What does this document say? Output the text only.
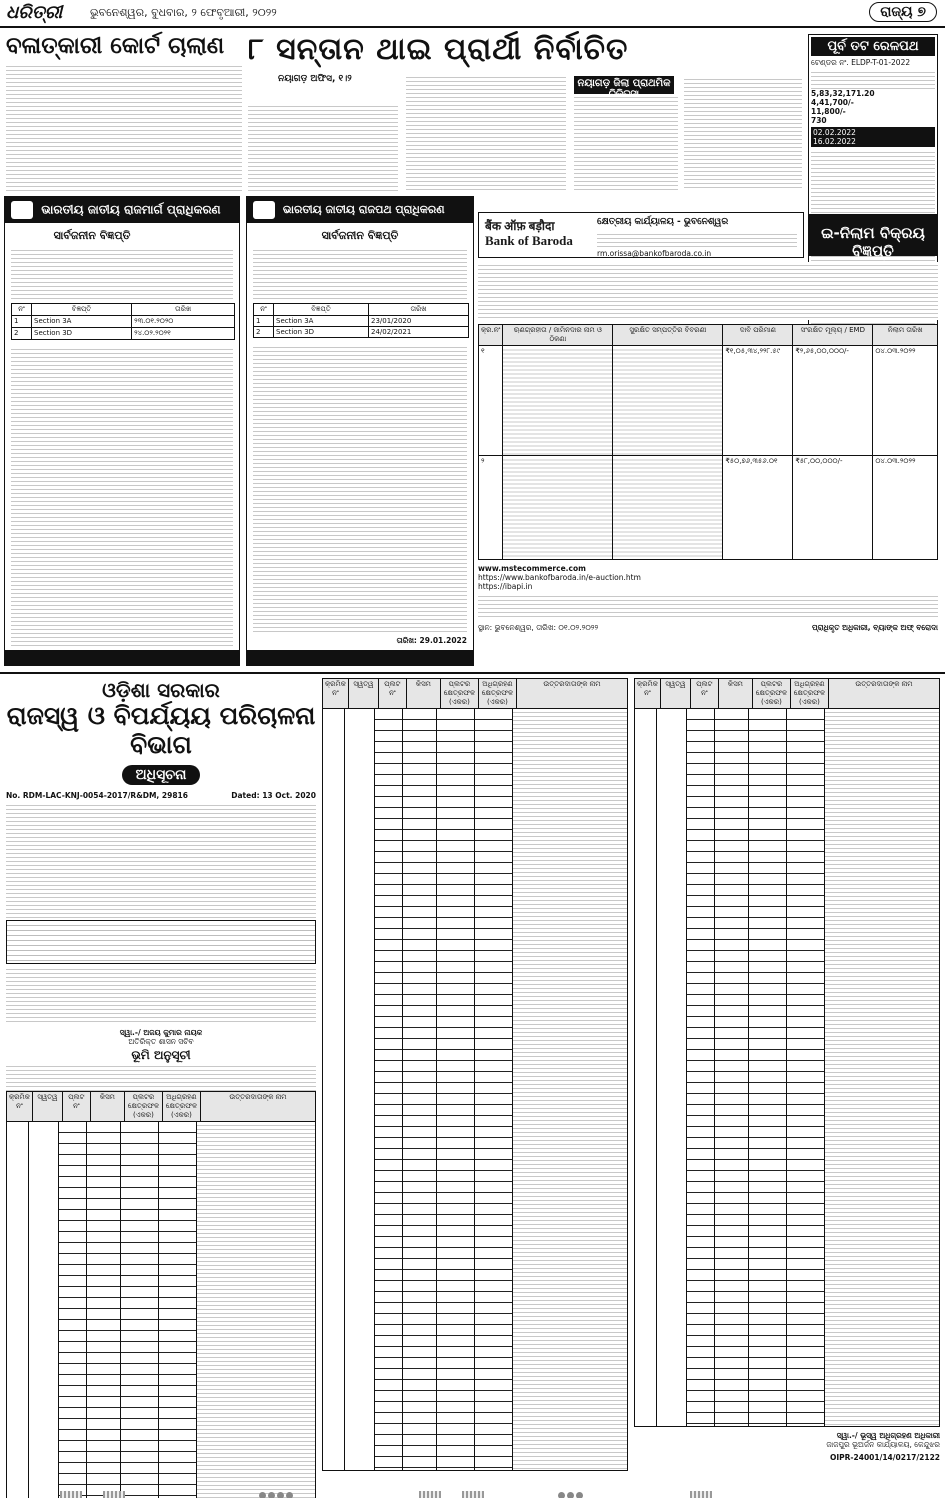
ଧରିତ୍ରୀ	ଭୁବନେଶ୍ୱର, ବୁଧବାର, ୨ ଫେବୃଆରୀ, ୨୦୨୨	ରାଜ୍ୟ ୭
ବଳାତ୍କାରୀ କୋର୍ଟ ଚାଲାଣ ୮ ସନ୍ତାନ ଥାଇ ପ୍ରାର୍ଥୀ ନିର୍ବାଚିତ
ନୟାଗଡ଼ ଅଫିସ, ୧।୨	ନୟାଗଡ଼ ଜିଲା ପ୍ରାଥମିକ
ପୂର୍ବ ତଟ ରେଳପଥ
ଟେଣ୍ଡର ନଂ. ELDP-T-01-2022
5,83,32,171.20
4,41,700/-
11,800/-
730
02.02.2022
16.02.2022
PR-761/M/21-22
ଭାରତୀୟ ଜାତୀୟ ରାଜମାର୍ଗ ପ୍ରାଧିକରଣ
BHARATMALA
ସାର୍ବଜନୀନ ବିଜ୍ଞପ୍ତି
ନଂ	ବିଜ୍ଞପ୍ତି	ତାରିଖ
1	Section 3A	୨୩.୦୧.୨୦୨୦
2	Section 3D	୨୪.୦୨.୨୦୨୧

ଭାରତୀୟ ଜାତୀୟ ରାଜପଥ ପ୍ରାଧିକରଣ
ସାର୍ବଜନୀନ ବିଜ୍ଞପ୍ତି
ନଂ	ବିଜ୍ଞପ୍ତି	ତାରିଖ
1	Section 3A	23/01/2020
2	Section 3D	24/02/2021
ତାରିଖ: 29.01.2022

बैंक ऑफ़ बड़ौदा
Bank of Baroda
କ୍ଷେତ୍ରୀୟ କାର୍ଯ୍ୟାଳୟ - ଭୁବନେଶ୍ୱର
rm.orissa@bankofbaroda.co.in
ଇ-ନିଲାମ ବିକ୍ରୟ ବିଜ୍ଞପ୍ତି
କ୍ର.ନଂ	ଋଣଗ୍ରହୀତା / ଜାମିନଦାର ନାମ ଓ ଠିକଣା	ସୁରକ୍ଷିତ ସମ୍ପତ୍ତିର ବିବରଣୀ	ଦାବି ପରିମାଣ	ସଂରକ୍ଷିତ ମୂଲ୍ୟ / EMD	ନିଲାମ ତାରିଖ
୧			₹୧,୦୫,୩୪,୨୨୮.୫୯	₹୨,୬୫,୦୦,୦୦୦/-	୦୪.୦୩.୨୦୨୨
୨			₹୫୦,୭୬,୩୫୬.୦୧	₹୫୮,୦୦,୦୦୦/-	୦୪.୦୩.୨୦୨୨
www.mstecommerce.com
https://www.bankofbaroda.in/e-auction.htm
https://ibapi.in
ସ୍ଥାନ: ଭୁବନେଶ୍ୱର, ତାରିଖ: ୦୧.୦୨.୨୦୨୨	ପ୍ରାଧିକୃତ ଅଧିକାରୀ, ବ୍ୟାଙ୍କ ଅଫ୍ ବରୋଦା
ଓଡ଼ିଶା ସରକାର
ରାଜସ୍ୱ ଓ ବିପର୍ଯ୍ୟୟ ପରିଚାଳନା ବିଭାଗ
ଅଧିସୂଚନା
No. RDM-LAC-KNJ-0054-2017/R&DM, 29816	Dated: 13 Oct. 2020
ସ୍ୱା.-/ ଅଜୟ କୁମାର ନାୟକ
ଅତିରିକ୍ତ ଶାସନ ସଚିବ
ଭୂମି ଅନୁସୂଚୀ
କ୍ରମିକ ନଂ	ସ୍ୱତ୍ୱ	ପ୍ଲଟ ନଂ	କିସମ	ପ୍ଲଟର କ୍ଷେତ୍ରଫଳ (ଏକର)	ଅଧିଗ୍ରହଣ କ୍ଷେତ୍ରଫଳ (ଏକର)	ଉତ୍ତରଦାତାଙ୍କ ନାମ
କ୍ରମିକ ନଂ	ସ୍ୱତ୍ୱ	ପ୍ଲଟ ନଂ	କିସମ	ପ୍ଲଟର କ୍ଷେତ୍ରଫଳ (ଏକର)	ଅଧିଗ୍ରହଣ କ୍ଷେତ୍ରଫଳ (ଏକର)	ଉତ୍ତରଦାତାଙ୍କ ନାମ	କ୍ରମିକ ନଂ	ସ୍ୱତ୍ୱ	ପ୍ଲଟ ନଂ	କିସମ	ପ୍ଲଟର କ୍ଷେତ୍ରଫଳ (ଏକର)	ଅଧିଗ୍ରହଣ କ୍ଷେତ୍ରଫଳ (ଏକର)	ଉତ୍ତରଦାତାଙ୍କ ନାମ
ସ୍ୱା.-/ ଭୂସ୍ୱ ଅଧିଗ୍ରହଣ ଅଧିକାରୀ
ଜାଜପୁର ଭୂଅର୍ଜନ କାର୍ଯ୍ୟାଳୟ, କେନ୍ଦୁଝର
OIPR-24001/14/0217/2122
